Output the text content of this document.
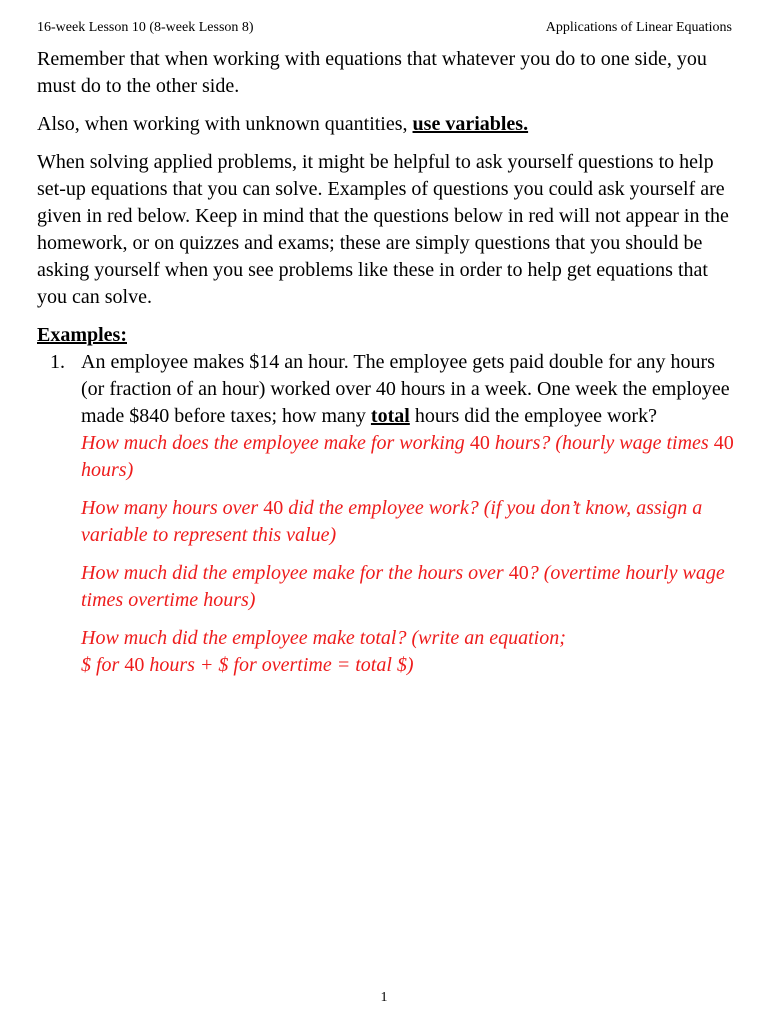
16-week Lesson 10 (8-week Lesson 8)	Applications of Linear Equations

Remember that when working with equations that whatever you do to one side, you must do to the other side.

Also, when working with unknown quantities, use variables.

When solving applied problems, it might be helpful to ask yourself questions to help set-up equations that you can solve. Examples of questions you could ask yourself are given in red below. Keep in mind that the questions below in red will not appear in the homework, or on quizzes and exams; these are simply questions that you should be asking yourself when you see problems like these in order to help get equations that you can solve.

Examples:
1. An employee makes $14 an hour. The employee gets paid double for any hours (or fraction of an hour) worked over 40 hours in a week. One week the employee made $840 before taxes; how many total hours did the employee work?

How much does the employee make for working 40 hours? (hourly wage times 40 hours)

How many hours over 40 did the employee work? (if you don’t know, assign a variable to represent this value)

How much did the employee make for the hours over 40? (overtime hourly wage times overtime hours)

How much did the employee make total? (write an equation;
$ for 40 hours + $ for overtime = total $)

1
